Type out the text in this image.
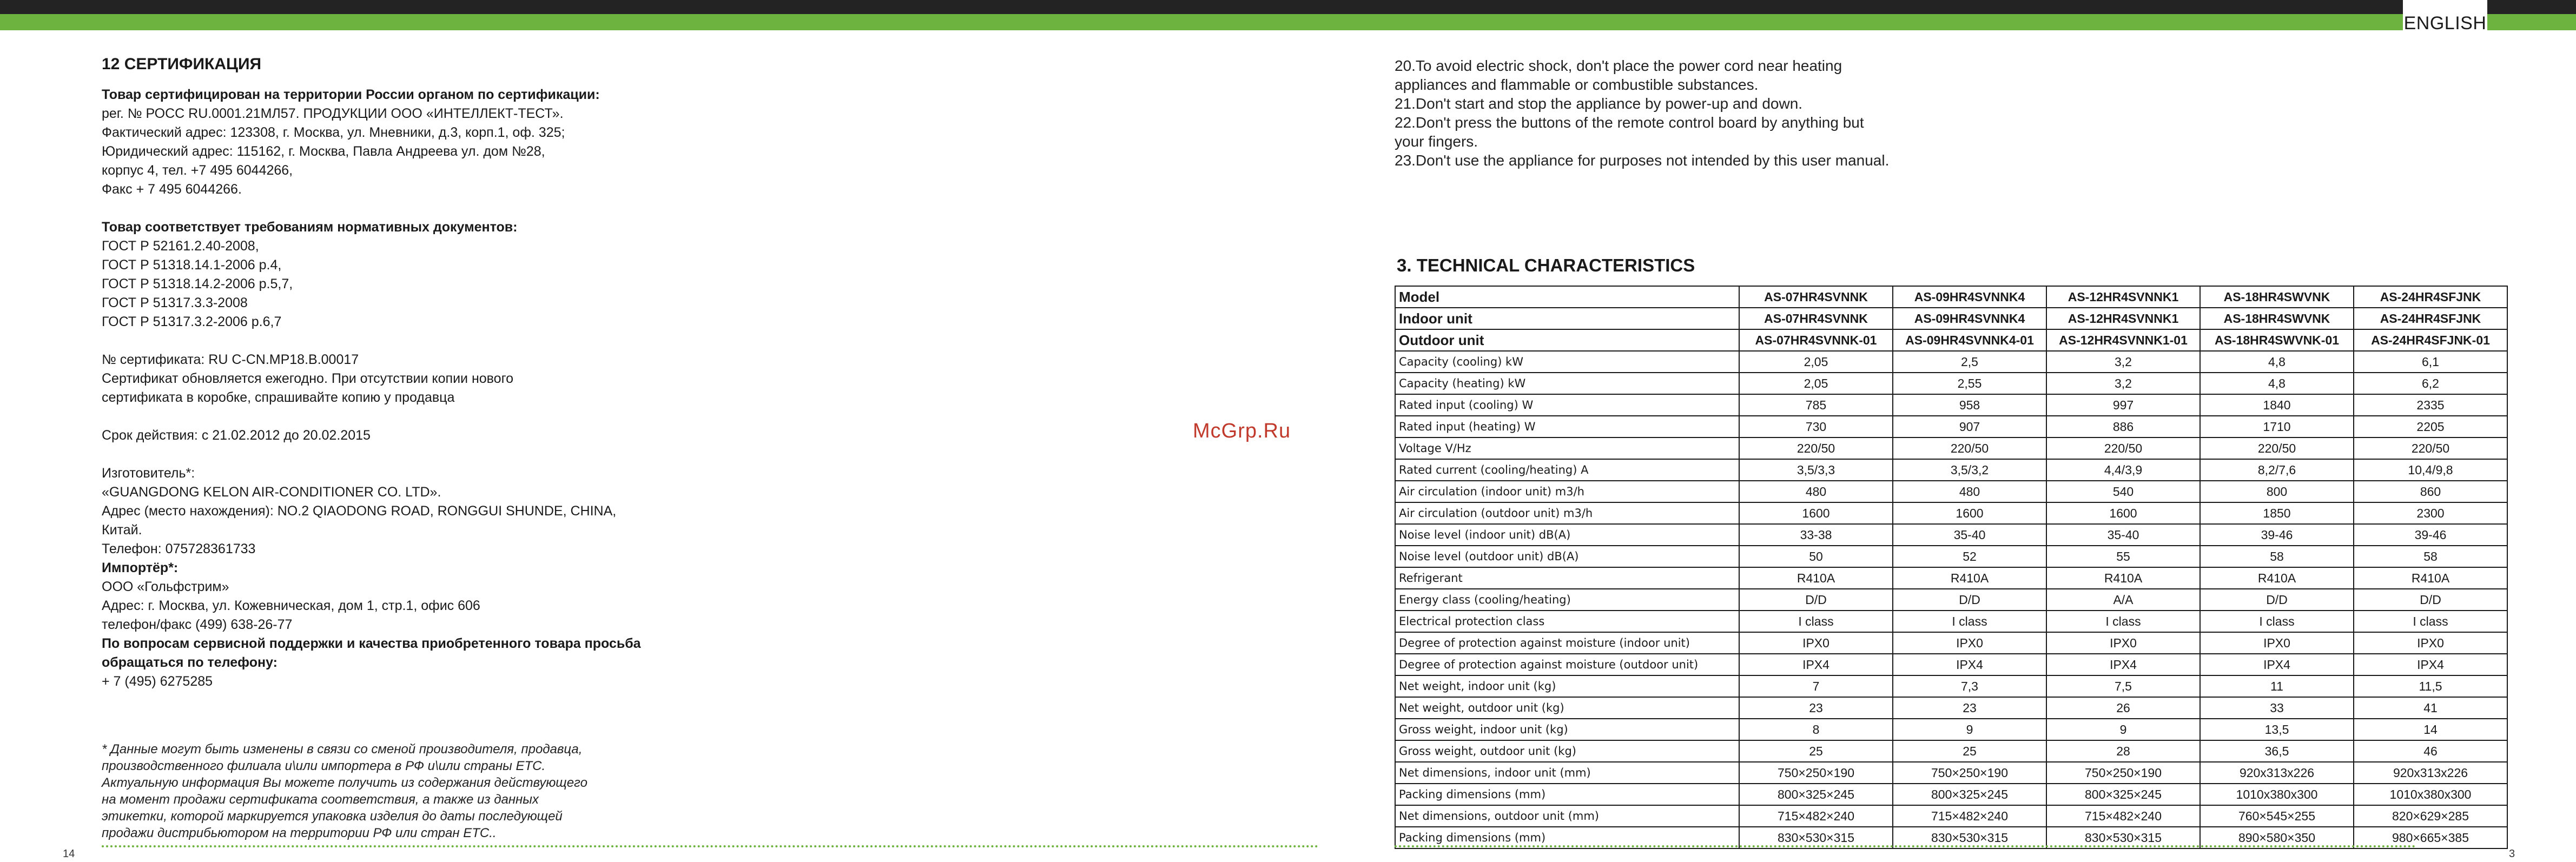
ENGLISH
12 СЕРТИФИКАЦИЯ
Товар сертифицирован на территории России органом по сертификации:
рег. № РОСС RU.0001.21МЛ57. ПРОДУКЦИИ ООО «ИНТЕЛЛЕКТ-ТЕСТ».
Фактический адрес: 123308, г. Москва, ул. Мневники, д.3, корп.1, оф. 325;
Юридический адрес: 115162, г. Москва, Павла Андреева ул. дом №28,
корпус 4, тел. +7 495 6044266,
Факс + 7 495 6044266.
Товар соответствует требованиям нормативных документов:
ГОСТ Р 52161.2.40-2008,
ГОСТ Р 51318.14.1-2006 р.4,
ГОСТ Р 51318.14.2-2006 р.5,7,
ГОСТ Р 51317.3.3-2008
ГОСТ Р 51317.3.2-2006 р.6,7
№ сертификата: RU C-CN.MP18.B.00017
Сертификат обновляется ежегодно. При отсутствии копии нового
сертификата в коробке, спрашивайте копию у продавца
Срок действия: с 21.02.2012 до 20.02.2015
Изготовитель*:
«GUANGDONG KELON AIR-CONDITIONER CO. LTD».
Адрес (место нахождения): NO.2 QIAODONG ROAD, RONGGUI SHUNDE, CHINA,
Китай.
Телефон: 075728361733
Импортёр*:
ООО «Гольфстрим»
Адрес: г. Москва, ул. Кожевническая, дом 1, стр.1, офис 606
телефон/факс (499) 638-26-77
По вопросам сервисной поддержки и качества приобретенного товара просьба обращаться по телефону:
+ 7 (495) 6275285
* Данные могут быть изменены в связи со сменой производителя, продавца,
производственного филиала и\или импортера в РФ и\или страны ETC.
Актуальную информация Вы можете получить из содержания действующего
на момент продажи сертификата соответствия, а также из данных
этикетки, которой маркируется упаковка изделия до даты последующей
продажи дистрибьютором на территории РФ или стран ETC..
McGrp.Ru
20.To avoid electric shock, don't place the power cord near heating
appliances and flammable or combustible substances.
21.Don't start and stop the appliance by power-up and down.
22.Don't press the buttons of the remote control board by anything but
your fingers.
23.Don't use the appliance for purposes not intended by this user manual.
3. TECHNICAL CHARACTERISTICS
Model	AS-07HR4SVNNK	AS-09HR4SVNNK4	AS-12HR4SVNNK1	AS-18HR4SWVNK	AS-24HR4SFJNK
Indoor unit	AS-07HR4SVNNK	AS-09HR4SVNNK4	AS-12HR4SVNNK1	AS-18HR4SWVNK	AS-24HR4SFJNK
Outdoor unit	AS-07HR4SVNNK-01	AS-09HR4SVNNK4-01	AS-12HR4SVNNK1-01	AS-18HR4SWVNK-01	AS-24HR4SFJNK-01
Capacity (cooling) kW	2,05	2,5	3,2	4,8	6,1
Capacity (heating) kW	2,05	2,55	3,2	4,8	6,2
Rated input (cooling) W	785	958	997	1840	2335
Rated input (heating) W	730	907	886	1710	2205
Voltage V/Hz	220/50	220/50	220/50	220/50	220/50
Rated current (cooling/heating) A	3,5/3,3	3,5/3,2	4,4/3,9	8,2/7,6	10,4/9,8
Air circulation (indoor unit) m3/h	480	480	540	800	860
Air circulation (outdoor unit) m3/h	1600	1600	1600	1850	2300
Noise level (indoor unit) dB(A)	33-38	35-40	35-40	39-46	39-46
Noise level (outdoor unit) dB(A)	50	52	55	58	58
Refrigerant	R410A	R410A	R410A	R410A	R410A
Energy class (cooling/heating)	D/D	D/D	A/A	D/D	D/D
Electrical protection class	I class	I class	I class	I class	I class
Degree of protection against moisture (indoor unit)	IPX0	IPX0	IPX0	IPX0	IPX0
Degree of protection against moisture (outdoor unit)	IPX4	IPX4	IPX4	IPX4	IPX4
Net weight, indoor unit (kg)	7	7,3	7,5	11	11,5
Net weight, outdoor unit (kg)	23	23	26	33	41
Gross weight, indoor unit (kg)	8	9	9	13,5	14
Gross weight, outdoor unit (kg)	25	25	28	36,5	46
Net dimensions, indoor unit (mm)	750×250×190	750×250×190	750×250×190	920x313x226	920x313x226
Packing dimensions (mm)	800×325×245	800×325×245	800×325×245	1010x380x300	1010x380x300
Net dimensions, outdoor unit (mm)	715×482×240	715×482×240	715×482×240	760×545×255	820×629×285
Packing dimensions (mm)	830×530×315	830×530×315	830×530×315	890×580×350	980×665×385
14	3
